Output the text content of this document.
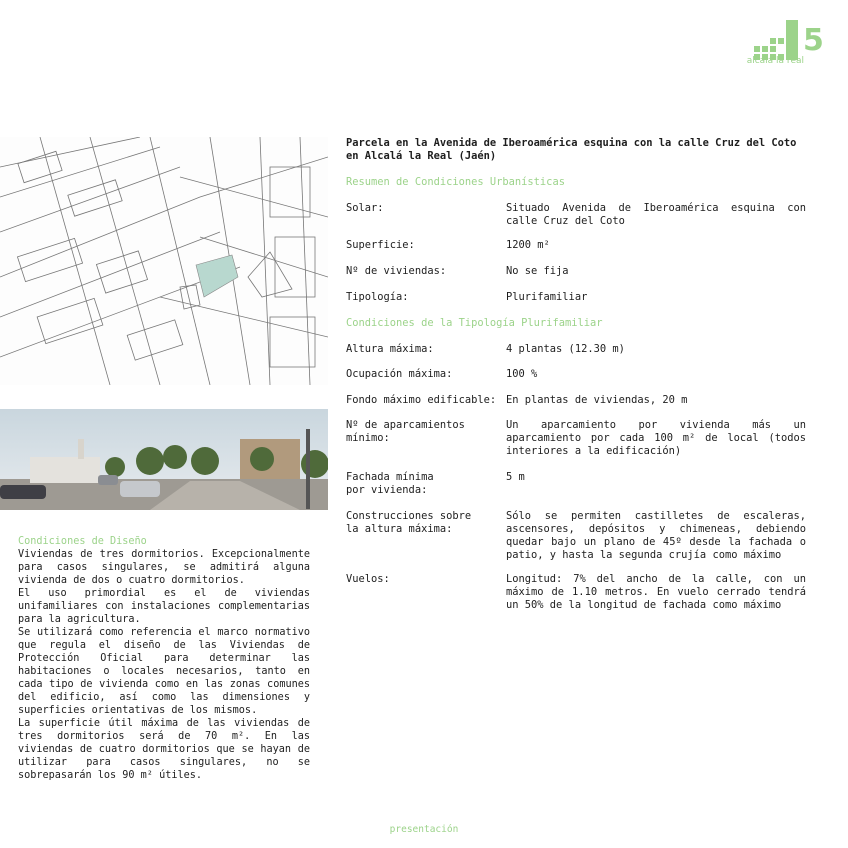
5
alcalá la real
Parcela en la Avenida de Iberoamérica esquina con la calle Cruz del Coto en Alcalá la Real (Jaén)
Resumen de Condiciones Urbanísticas
Solar:	Situado Avenida de Iberoamérica esquina con calle Cruz del Coto
Superficie:	1200 m²
Nº de viviendas:	No se fija
Tipología:	Plurifamiliar
Condiciones de la Tipología Plurifamiliar
Altura máxima:	4 plantas (12.30 m)
Ocupación máxima:	100 %
Fondo máximo edificable: En plantas de viviendas, 20 m
Nº de aparcamientos mínimo:
Un aparcamiento por vivienda más un aparcamiento por cada 100 m² de local (todos interiores a la edificación)
Fachada mínima
por vivienda:
5 m
Construcciones sobre
la altura máxima:
Sólo se permiten castilletes de escaleras, ascensores, depósitos y chimeneas, debiendo quedar bajo un plano de 45º desde la fachada o patio, y hasta la segunda crujía como máximo
Vuelos:	Longitud: 7% del ancho de la calle, con un máximo de 1.10 metros. En vuelo cerrado tendrá un 50% de la longitud de fachada como máximo
Condiciones de Diseño

Viviendas de tres dormitorios. Excepcionalmente para casos singulares, se admitirá alguna vivienda de dos o cuatro dormitorios.

El uso primordial es el de viviendas unifamiliares con instalaciones complementarias para la agricultura.

Se utilizará como referencia el marco normativo que regula el diseño de las Viviendas de Protección Oficial para determinar las habitaciones o locales necesarios, tanto en cada tipo de vivienda como en las zonas comunes del edificio, así como las dimensiones y superficies orientativas de los mismos.

La superficie útil máxima de las viviendas de tres dormitorios será de 70 m². En las viviendas de cuatro dormitorios que se hayan de utilizar para casos singulares, no se sobrepasarán los 90 m² útiles.

presentación
